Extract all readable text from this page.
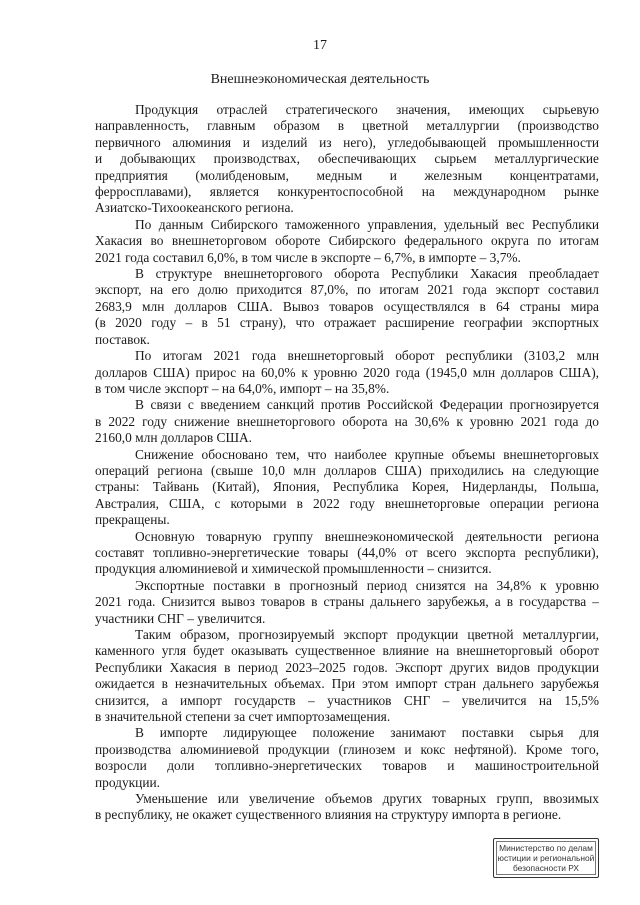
17
Внешнеэкономическая деятельность
Продукция отраслей стратегического значения, имеющих сырьевую
направленность, главным образом в цветной металлургии (производство
первичного алюминия и изделий из него), угледобывающей промышленности
и добывающих производствах, обеспечивающих сырьем металлургические
предприятия (молибденовым, медным и железным концентратами,
ферросплавами), является конкурентоспособной на международном рынке
Азиатско-Тихоокеанского региона.
По данным Сибирского таможенного управления, удельный вес Республики
Хакасия во внешнеторговом обороте Сибирского федерального округа по итогам
2021 года составил 6,0%, в том числе в экспорте – 6,7%, в импорте – 3,7%.
В структуре внешнеторгового оборота Республики Хакасия преобладает
экспорт, на его долю приходится 87,0%, по итогам 2021 года экспорт составил
2683,9 млн долларов США. Вывоз товаров осуществлялся в 64 страны мира
(в 2020 году – в 51 страну), что отражает расширение географии экспортных
поставок.
По итогам 2021 года внешнеторговый оборот республики (3103,2 млн
долларов США) прирос на 60,0% к уровню 2020 года (1945,0 млн долларов США),
в том числе экспорт – на 64,0%, импорт – на 35,8%.
В связи с введением санкций против Российской Федерации прогнозируется
в 2022 году снижение внешнеторгового оборота на 30,6% к уровню 2021 года до
2160,0 млн долларов США.
Снижение обосновано тем, что наиболее крупные объемы внешнеторговых
операций региона (свыше 10,0 млн долларов США) приходились на следующие
страны: Тайвань (Китай), Япония, Республика Корея, Нидерланды, Польша,
Австралия, США, с которыми в 2022 году внешнеторговые операции региона
прекращены.
Основную товарную группу внешнеэкономической деятельности региона
составят топливно-энергетические товары (44,0% от всего экспорта республики),
продукция алюминиевой и химической промышленности – снизится.
Экспортные поставки в прогнозный период снизятся на 34,8% к уровню
2021 года. Снизится вывоз товаров в страны дальнего зарубежья, а в государства –
участники СНГ – увеличится.
Таким образом, прогнозируемый экспорт продукции цветной металлургии,
каменного угля будет оказывать существенное влияние на внешнеторговый оборот
Республики Хакасия в период 2023–2025 годов. Экспорт других видов продукции
ожидается в незначительных объемах. При этом импорт стран дальнего зарубежья
снизится, а импорт государств – участников СНГ – увеличится на 15,5%
в значительной степени за счет импортозамещения.
В импорте лидирующее положение занимают поставки сырья для
производства алюминиевой продукции (глинозем и кокс нефтяной). Кроме того,
возросли доли топливно-энергетических товаров и машиностроительной
продукции.
Уменьшение или увеличение объемов других товарных групп, ввозимых
в республику, не окажет существенного влияния на структуру импорта в регионе.
Министерство по делам
юстиции и региональной
безопасности РХ
